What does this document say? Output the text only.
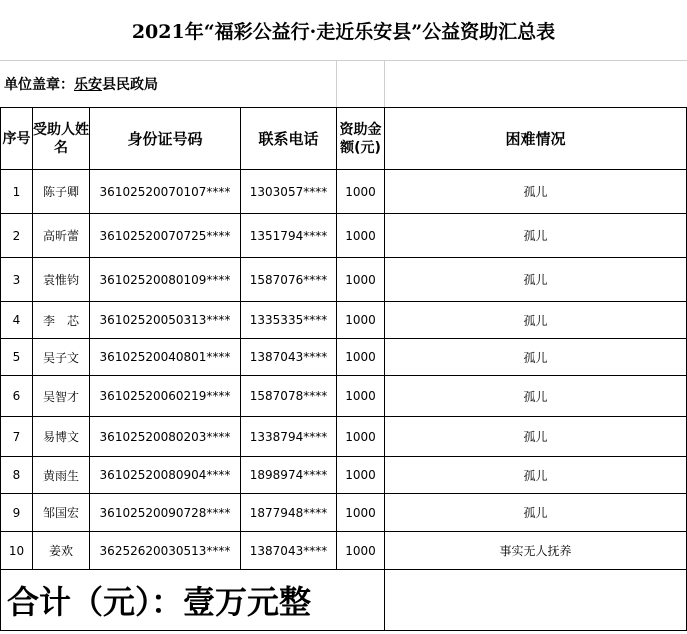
2021年“福彩公益行·走近乐安县”公益资助汇总表
单位盖章：乐安县民政局
序号	受助人姓名	身份证号码	联系电话	资助金额(元)	困难情况
1	陈子卿	36102520070107****	1303057****	1000	孤儿
2	高昕蕾	36102520070725****	1351794****	1000	孤儿
3	袁惟钧	36102520080109****	1587076****	1000	孤儿
4	李　芯	36102520050313****	1335335****	1000	孤儿
5	吴子文	36102520040801****	1387043****	1000	孤儿
6	吴智才	36102520060219****	1587078****	1000	孤儿
7	易博文	36102520080203****	1338794****	1000	孤儿
8	黄雨生	36102520080904****	1898974****	1000	孤儿
9	邹国宏	36102520090728****	1877948****	1000	孤儿
10	姜欢	36252620030513****	1387043****	1000	事实无人抚养
合计（元）：壹万元整					
